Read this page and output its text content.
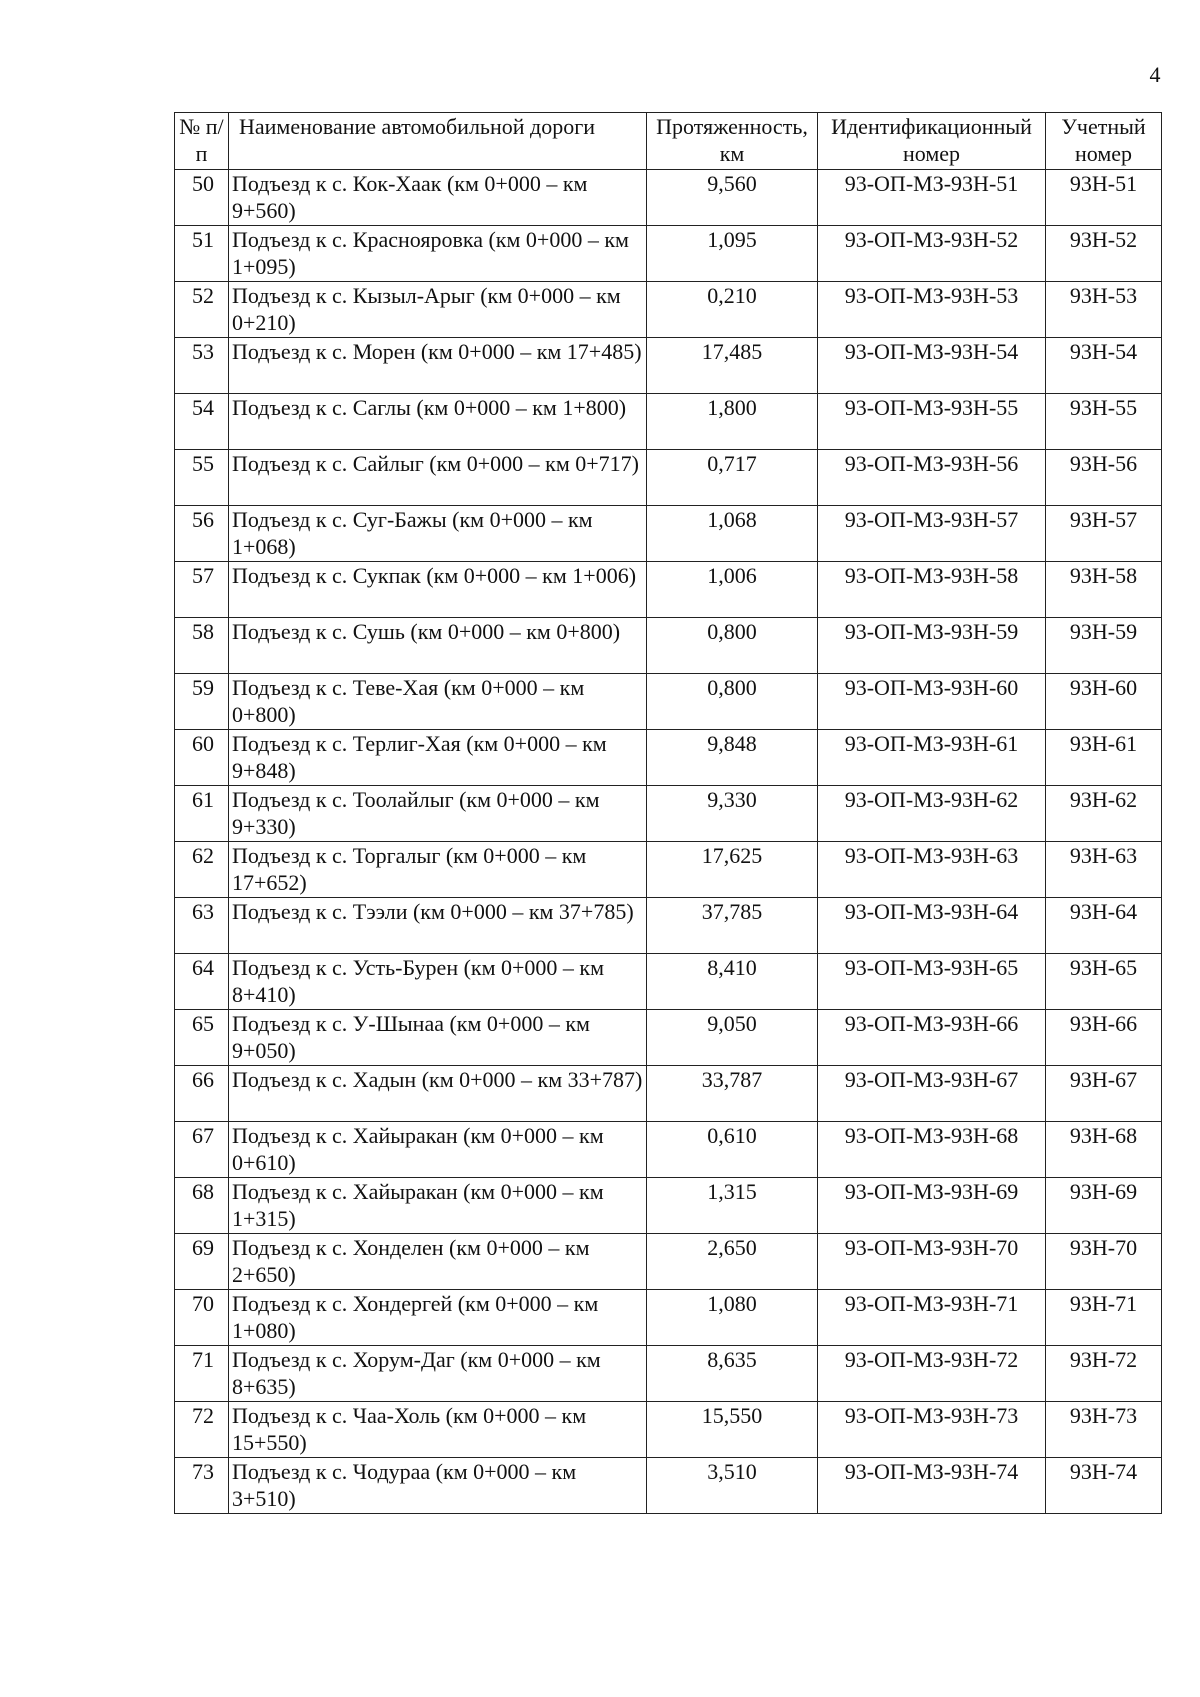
4
№ п/п	Наименование автомобильной дороги	Протяженность, км	Идентификационный номер	Учетный номер
50	Подъезд к с. Кок-Хаак (км 0+000 – км 9+560)	9,560	93-ОП-МЗ-93Н-51	93Н-51
51	Подъезд к с. Краснояровка (км 0+000 – км 1+095)	1,095	93-ОП-МЗ-93Н-52	93Н-52
52	Подъезд к с. Кызыл-Арыг (км 0+000 – км 0+210)	0,210	93-ОП-МЗ-93Н-53	93Н-53
53	Подъезд к с. Морен (км 0+000 – км 17+485)	17,485	93-ОП-МЗ-93Н-54	93Н-54
54	Подъезд к с. Саглы (км 0+000 – км 1+800)	1,800	93-ОП-МЗ-93Н-55	93Н-55
55	Подъезд к с. Сайлыг (км 0+000 – км 0+717)	0,717	93-ОП-МЗ-93Н-56	93Н-56
56	Подъезд к с. Суг-Бажы (км 0+000 – км 1+068)	1,068	93-ОП-МЗ-93Н-57	93Н-57
57	Подъезд к с. Сукпак (км 0+000 – км 1+006)	1,006	93-ОП-МЗ-93Н-58	93Н-58
58	Подъезд к с. Сушь (км 0+000 – км 0+800)	0,800	93-ОП-МЗ-93Н-59	93Н-59
59	Подъезд к с. Теве-Хая (км 0+000 – км 0+800)	0,800	93-ОП-МЗ-93Н-60	93Н-60
60	Подъезд к с. Терлиг-Хая (км 0+000 – км 9+848)	9,848	93-ОП-МЗ-93Н-61	93Н-61
61	Подъезд к с. Тоолайлыг (км 0+000 – км 9+330)	9,330	93-ОП-МЗ-93Н-62	93Н-62
62	Подъезд к с. Торгалыг (км 0+000 – км 17+652)	17,625	93-ОП-МЗ-93Н-63	93Н-63
63	Подъезд к с. Тээли (км 0+000 – км 37+785)	37,785	93-ОП-МЗ-93Н-64	93Н-64
64	Подъезд к с. Усть-Бурен (км 0+000 – км 8+410)	8,410	93-ОП-МЗ-93Н-65	93Н-65
65	Подъезд к с. У-Шынаа (км 0+000 – км 9+050)	9,050	93-ОП-МЗ-93Н-66	93Н-66
66	Подъезд к с. Хадын (км 0+000 – км 33+787)	33,787	93-ОП-МЗ-93Н-67	93Н-67
67	Подъезд к с. Хайыракан (км 0+000 – км 0+610)	0,610	93-ОП-МЗ-93Н-68	93Н-68
68	Подъезд к с. Хайыракан (км 0+000 – км 1+315)	1,315	93-ОП-МЗ-93Н-69	93Н-69
69	Подъезд к с. Хонделен (км 0+000 – км 2+650)	2,650	93-ОП-МЗ-93Н-70	93Н-70
70	Подъезд к с. Хондергей (км 0+000 – км 1+080)	1,080	93-ОП-МЗ-93Н-71	93Н-71
71	Подъезд к с. Хорум-Даг (км 0+000 – км 8+635)	8,635	93-ОП-МЗ-93Н-72	93Н-72
72	Подъезд к с. Чаа-Холь (км 0+000 – км 15+550)	15,550	93-ОП-МЗ-93Н-73	93Н-73
73	Подъезд к с. Чодураа (км 0+000 – км 3+510)	3,510	93-ОП-МЗ-93Н-74	93Н-74
